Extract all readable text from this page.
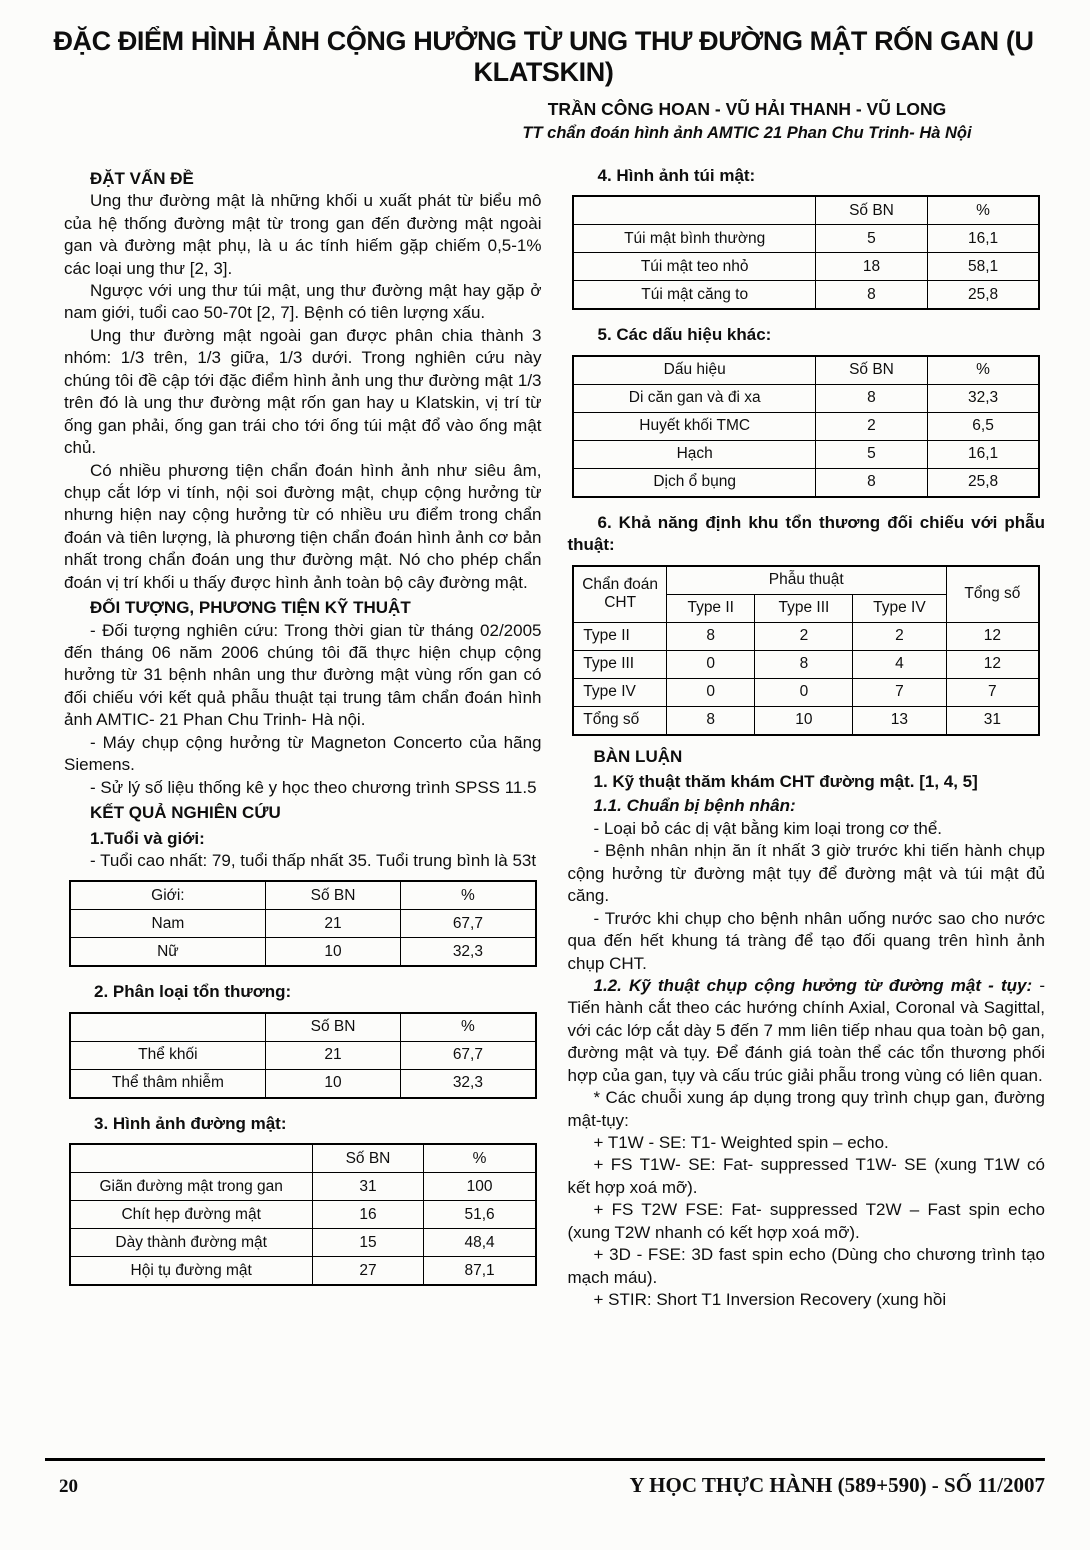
ĐẶC ĐIỂM HÌNH ẢNH CỘNG HƯỞNG TỪ UNG THƯ ĐƯỜNG MẬT RỐN GAN (U KLATSKIN)

TRẦN CÔNG HOAN - VŨ HẢI THANH - VŨ LONG

TT chẩn đoán hình ảnh AMTIC 21 Phan Chu Trinh- Hà Nội

ĐẶT VẤN ĐỀ

Ung thư đường mật là những khối u xuất phát từ biểu mô của hệ thống đường mật từ trong gan đến đường mật ngoài gan và đường mật phụ, là u ác tính hiếm gặp chiếm 0,5-1% các loại ung thư [2, 3].

Ngược với ung thư túi mật, ung thư đường mật hay gặp ở nam giới, tuổi cao 50-70t [2, 7]. Bệnh có tiên lượng xấu.

Ung thư đường mật ngoài gan được phân chia thành 3 nhóm: 1/3 trên, 1/3 giữa, 1/3 dưới. Trong nghiên cứu này chúng tôi đề cập tới đặc điểm hình ảnh ung thư đường mật 1/3 trên đó là ung thư đường mật rốn gan hay u Klatskin, vị trí từ ống gan phải, ống gan trái cho tới ống túi mật đổ vào ống mật chủ.

Có nhiều phương tiện chẩn đoán hình ảnh như siêu âm, chụp cắt lớp vi tính, nội soi đường mật, chụp cộng hưởng từ nhưng hiện nay cộng hưởng từ có nhiều ưu điểm trong chẩn đoán và tiên lượng, là phương tiện chẩn đoán hình ảnh cơ bản nhất trong chẩn đoán ung thư đường mật. Nó cho phép chẩn đoán vị trí khối u thấy được hình ảnh toàn bộ cây đường mật.

ĐỐI TƯỢNG, PHƯƠNG TIỆN KỸ THUẬT

- Đối tượng nghiên cứu: Trong thời gian từ tháng 02/2005 đến tháng 06 năm 2006 chúng tôi đã thực hiện chụp cộng hưởng từ 31 bệnh nhân ung thư đường mật vùng rốn gan có đối chiếu với kết quả phẫu thuật tại trung tâm chẩn đoán hình ảnh AMTIC- 21 Phan Chu Trinh- Hà nội.

- Máy chụp cộng hưởng từ Magneton Concerto của hãng Siemens.

- Sử lý số liệu thống kê y học theo chương trình SPSS 11.5

KẾT QUẢ NGHIÊN CỨU
1.Tuổi và giới:

- Tuổi cao nhất: 79, tuổi thấp nhất 35. Tuổi trung bình là 53t

Giới:	Số BN	%
Nam	21	67,7
Nữ	10	32,3
2. Phân loại tổn thương:
	Số BN	%
Thể khối	21	67,7
Thể thâm nhiễm	10	32,3
3. Hình ảnh đường mật:
	Số BN	%
Giãn đường mật trong gan	31	100
Chít hẹp đường mật	16	51,6
Dày thành đường mật	15	48,4
Hội tụ đường mật	27	87,1
4. Hình ảnh túi mật:
	Số BN	%
Túi mật bình thường	5	16,1
Túi mật teo nhỏ	18	58,1
Túi mật căng to	8	25,8
5. Các dấu hiệu khác:
Dấu hiệu	Số BN	%
Di căn gan và đi xa	8	32,3
Huyết khối TMC	2	6,5
Hạch	5	16,1
Dịch ổ bụng	8	25,8
6. Khả năng định khu tổn thương đối chiếu với phẫu thuật:
Chẩn đoán CHT	Phẫu thuật			Tổng số
	Type II	Type III	Type IV	
Type II	8	2	2	12
Type III	0	8	4	12
Type IV	0	0	7	7
Tổng số	8	10	13	31
BÀN LUẬN
1. Kỹ thuật thăm khám CHT đường mật. [1, 4, 5]
1.1. Chuẩn bị bệnh nhân:

- Loại bỏ các dị vật bằng kim loại trong cơ thể.

- Bệnh nhân nhịn ăn ít nhất 3 giờ trước khi tiến hành chụp cộng hưởng từ đường mật tụy để đường mật và túi mật đủ căng.

- Trước khi chụp cho bệnh nhân uống nước sao cho nước qua đến hết khung tá tràng để tạo đối quang trên hình ảnh chụp CHT.

1.2. Kỹ thuật chụp cộng hưởng từ đường mật - tụy: - Tiến hành cắt theo các hướng chính Axial, Coronal và Sagittal, với các lớp cắt dày 5 đến 7 mm liên tiếp nhau qua toàn bộ gan, đường mật và tụy. Để đánh giá toàn thể các tổn thương phối hợp của gan, tụy và cấu trúc giải phẫu trong vùng có liên quan.

* Các chuỗi xung áp dụng trong quy trình chụp gan, đường mật-tụy:

+ T1W - SE: T1- Weighted spin – echo.

+ FS T1W- SE: Fat- suppressed T1W- SE (xung T1W có kết hợp xoá mỡ).

+ FS T2W FSE: Fat- suppressed T2W – Fast spin echo (xung T2W nhanh có kết hợp xoá mỡ).

+ 3D - FSE: 3D fast spin echo (Dùng cho chương trình tạo mạch máu).

+ STIR: Short T1 Inversion Recovery (xung hồi

20	Y HỌC THỰC HÀNH (589+590) - SỐ 11/2007
